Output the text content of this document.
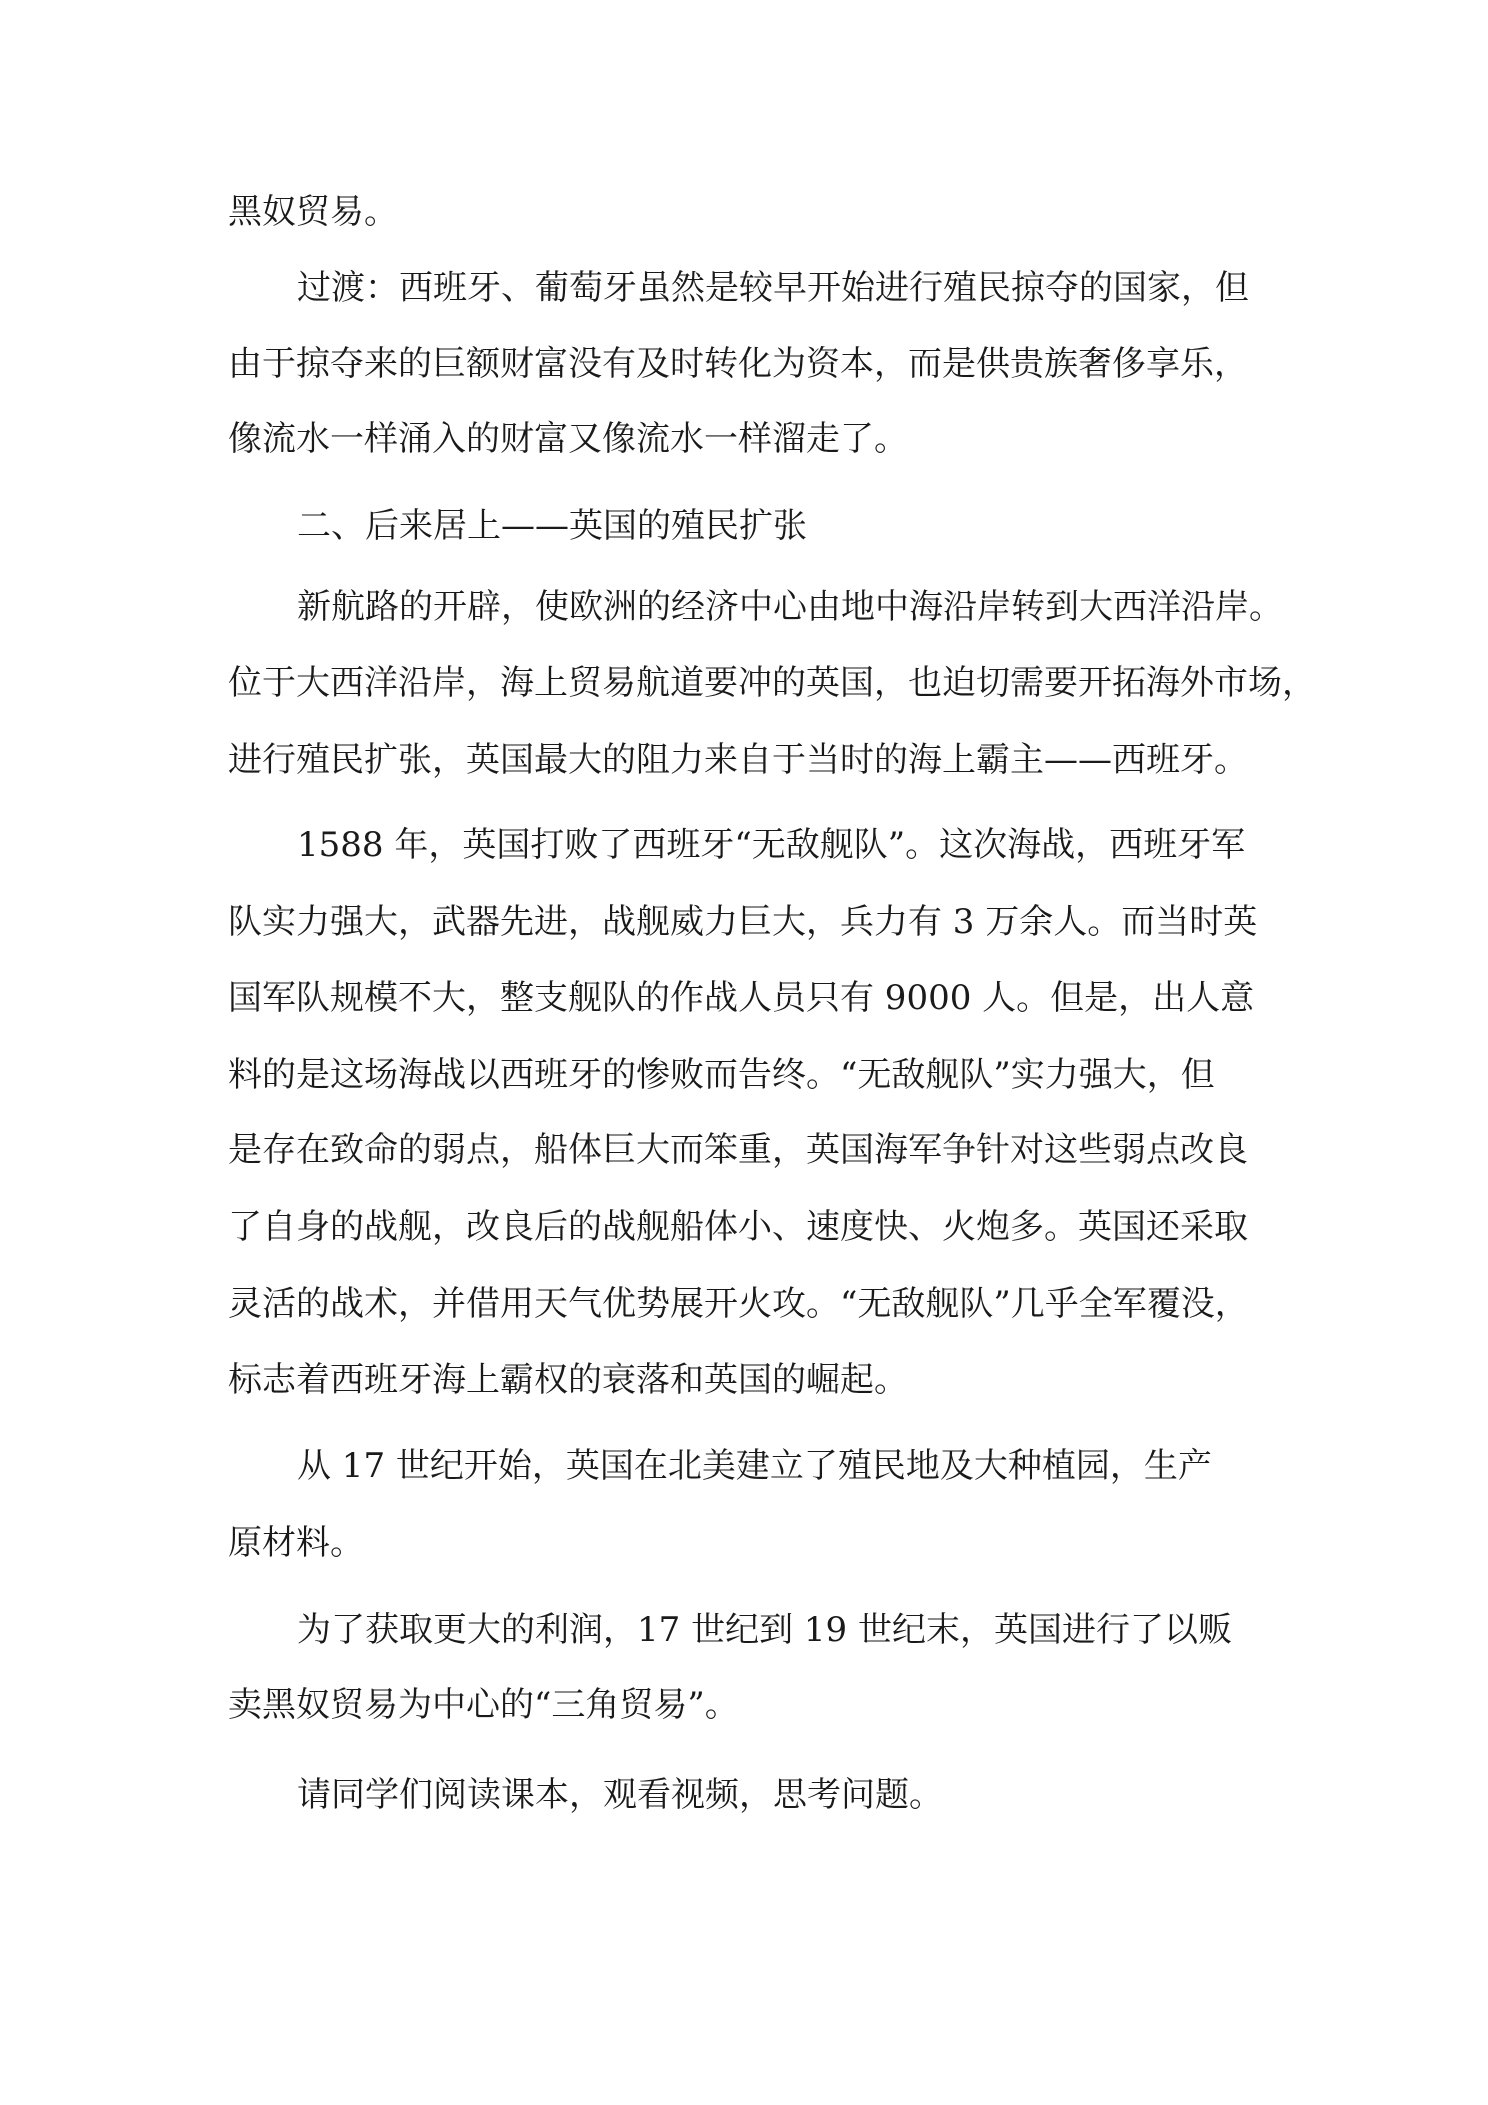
黑奴贸易。
过渡：西班牙、葡萄牙虽然是较早开始进行殖民掠夺的国家，但
由于掠夺来的巨额财富没有及时转化为资本，而是供贵族奢侈享乐，
像流水一样涌入的财富又像流水一样溜走了。
二、后来居上——英国的殖民扩张
新航路的开辟，使欧洲的经济中心由地中海沿岸转到大西洋沿岸。
位于大西洋沿岸，海上贸易航道要冲的英国，也迫切需要开拓海外市场，
进行殖民扩张，英国最大的阻力来自于当时的海上霸主——西班牙。
1588 年，英国打败了西班牙“无敌舰队”。这次海战，西班牙军
队实力强大，武器先进，战舰威力巨大，兵力有 3 万余人。而当时英
国军队规模不大，整支舰队的作战人员只有 9000 人。但是，出人意
料的是这场海战以西班牙的惨败而告终。“无敌舰队”实力强大，但
是存在致命的弱点，船体巨大而笨重，英国海军争针对这些弱点改良
了自身的战舰，改良后的战舰船体小、速度快、火炮多。英国还采取
灵活的战术，并借用天气优势展开火攻。“无敌舰队”几乎全军覆没，
标志着西班牙海上霸权的衰落和英国的崛起。
从 17 世纪开始，英国在北美建立了殖民地及大种植园，生产
原材料。
为了获取更大的利润，17 世纪到 19 世纪末，英国进行了以贩
卖黑奴贸易为中心的“三角贸易”。
请同学们阅读课本，观看视频，思考问题。
